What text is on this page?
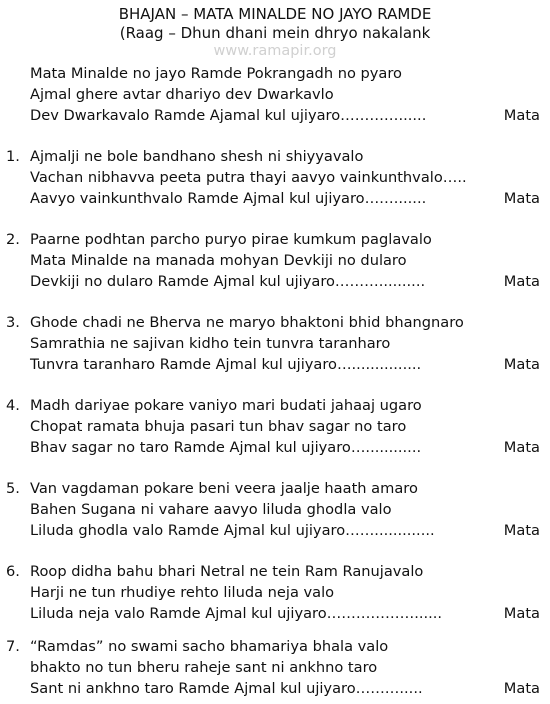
BHAJAN – MATA MINALDE NO JAYO RAMDE
(Raag – Dhun dhani mein dhryo nakalank
www.ramapir.org
Mata Minalde no jayo Ramde Pokrangadh no pyaro
Ajmal ghere avtar dhariyo dev Dwarkavlo
Dev Dwarkavalo Ramde Ajamal kul ujiyaro…………......	Mata
1. Ajmalji ne bole bandhano shesh ni shiyyavalo
Vachan nibhavva peeta putra thayi aavyo vainkunthvalo…..
Aavyo vainkunthvalo Ramde Ajmal kul ujiyaro…….......	Mata
2. Paarne podhtan parcho puryo pirae kumkum paglavalo
Mata Minalde na manada mohyan Devkiji no dularo
Devkiji no dularo Ramde Ajmal kul ujiyaro………..........	Mata
3. Ghode chadi ne Bherva ne maryo bhaktoni bhid bhangnaro
Samrathia ne sajivan kidho tein tunvra taranharo
Tunvra taranharo Ramde Ajmal kul ujiyaro…...............	Mata
4. Madh dariyae pokare vaniyo mari budati jahaaj ugaro
Chopat ramata bhuja pasari tun bhav sagar no taro
Bhav sagar no taro Ramde Ajmal kul ujiyaro…............	Mata
5. Van vagdaman pokare beni veera jaalje haath amaro
Bahen Sugana ni vahare aavyo liluda ghodla valo
Liluda ghodla valo Ramde Ajmal kul ujiyaro…….............	Mata
6. Roop didha bahu bhari Netral ne tein Ram Ranujavalo
Harji ne tun rhudiye rehto liluda neja valo
Liluda neja valo Ramde Ajmal kul ujiyaro………………......	Mata
7. “Ramdas” no swami sacho bhamariya bhala valo
bhakto no tun bheru raheje sant ni ankhno taro
Sant ni ankhno taro Ramde Ajmal kul ujiyaro……….....	Mata
